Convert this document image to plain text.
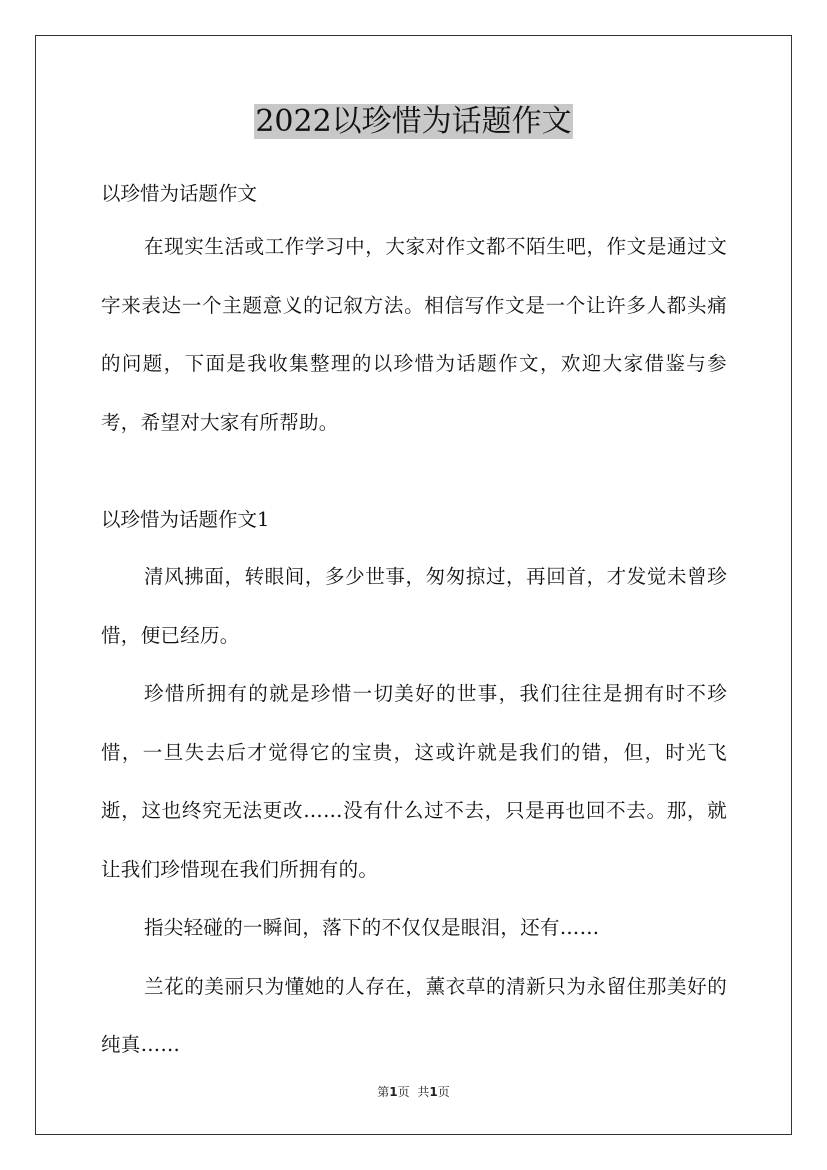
2022以珍惜为话题作文
以珍惜为话题作文

在现实生活或工作学习中，大家对作文都不陌生吧，作文是通过文字来表达一个主题意义的记叙方法。相信写作文是一个让许多人都头痛的问题，下面是我收集整理的以珍惜为话题作文，欢迎大家借鉴与参考，希望对大家有所帮助。

以珍惜为话题作文1

清风拂面，转眼间，多少世事，匆匆掠过，再回首，才发觉未曾珍惜，便已经历。

珍惜所拥有的就是珍惜一切美好的世事，我们往往是拥有时不珍惜，一旦失去后才觉得它的宝贵，这或许就是我们的错，但，时光飞逝，这也终究无法更改……没有什么过不去，只是再也回不去。那，就让我们珍惜现在我们所拥有的。

指尖轻碰的一瞬间，落下的不仅仅是眼泪，还有……

兰花的美丽只为懂她的人存在，薰衣草的清新只为永留住那美好的纯真……

第1页 共1页
